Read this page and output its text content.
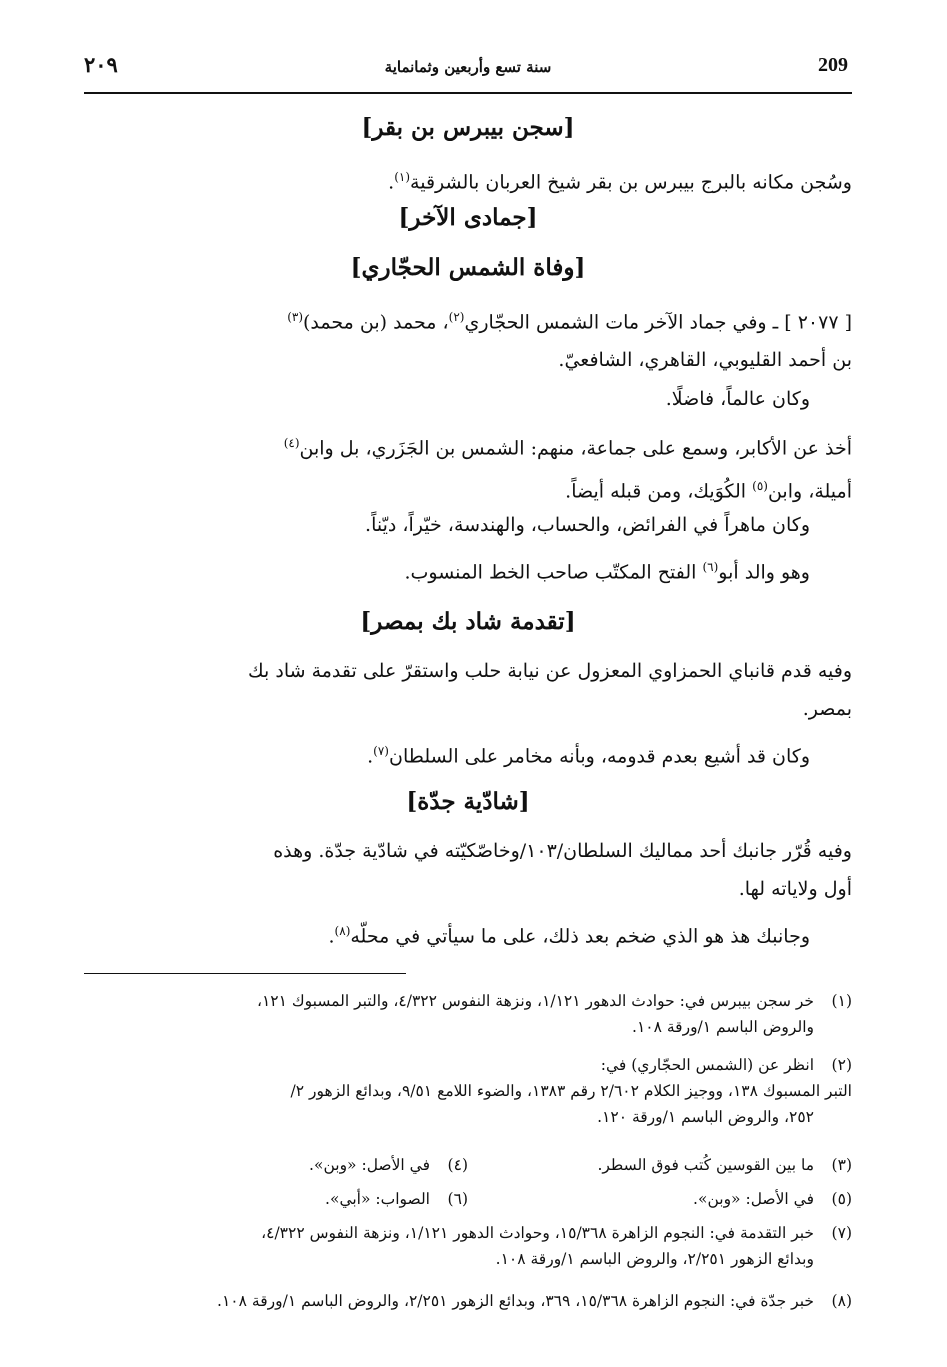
209
سنة تسع وأربعين وثمانماية
٢٠٩
[سجن بيبرس بن بقر]
وسُجن مكانه بالبرج بيبرس بن بقر شيخ العربان بالشرقية$^{(١)}$.
[جمادى الآخر]
[وفاة الشمس الحجّاري]
[ ٢٠٧٧ ] ـ وفي جماد الآخر مات الشمس الحجّاري$^{(٢)}$، محمد (بن محمد)$^{(٣)}$
بن أحمد القليوبي، القاهري، الشافعيّ.
وكان عالماً، فاضلًا.
أخذ عن الأكابر، وسمع على جماعة، منهم: الشمس بن الجَزَري، بل وابن$^{(٤)}$
أميلة، وابن$^{(٥)}$ الكُوَيك، ومن قبله أيضاً.
وكان ماهراً في الفرائض، والحساب، والهندسة، خيّراً، ديّناً.
وهو والد أبو$^{(٦)}$ الفتح المكتّب صاحب الخط المنسوب.
[تقدمة شاد بك بمصر]
وفيه قدم قانباي الحمزاوي المعزول عن نيابة حلب واستقرّ على تقدمة شاد بك
بمصر.
وكان قد أشيع بعدم قدومه، وبأنه مخامر على السلطان$^{(٧)}$.
[شادّية جدّة]
وفيه قُرّر جانبك أحد مماليك السلطان/١٠٣/وخاصّكيّته في شادّية جدّة. وهذه
أول ولاياته لها.
وجانبك هذ هو الذي ضخم بعد ذلك، على ما سيأتي في محلّه$^{(٨)}$.
(١)خر سجن بيبرس في: حوادث الدهور ١/١٢١، ونزهة النفوس ٤/٣٢٢، والتبر المسبوك ١٢١،
والروض الباسم ١/ورقة ١٠٨.
(٢)انظر عن (الشمس الحجّاري) في:
التبر المسبوك ١٣٨، ووجيز الكلام ٢/٦٠٢ رقم ١٣٨٣، والضوء اللامع ٩/٥١، وبدائع الزهور ٢/
٢٥٢، والروض الباسم ١/ورقة ١٢٠.
(٣)ما بين القوسين كُتب فوق السطر.
(٤)في الأصل: «وبن».
(٥)في الأصل: «وبن».
(٦)الصواب: «أبي».
(٧)خبر التقدمة في: النجوم الزاهرة ١٥/٣٦٨، وحوادث الدهور ١/١٢١، ونزهة النفوس ٤/٣٢٢،
وبدائع الزهور ٢/٢٥١، والروض الباسم ١/ورقة ١٠٨.
(٨)خبر جدّة في: النجوم الزاهرة ١٥/٣٦٨، ٣٦٩، وبدائع الزهور ٢/٢٥١، والروض الباسم ١/ورقة ١٠٨.
